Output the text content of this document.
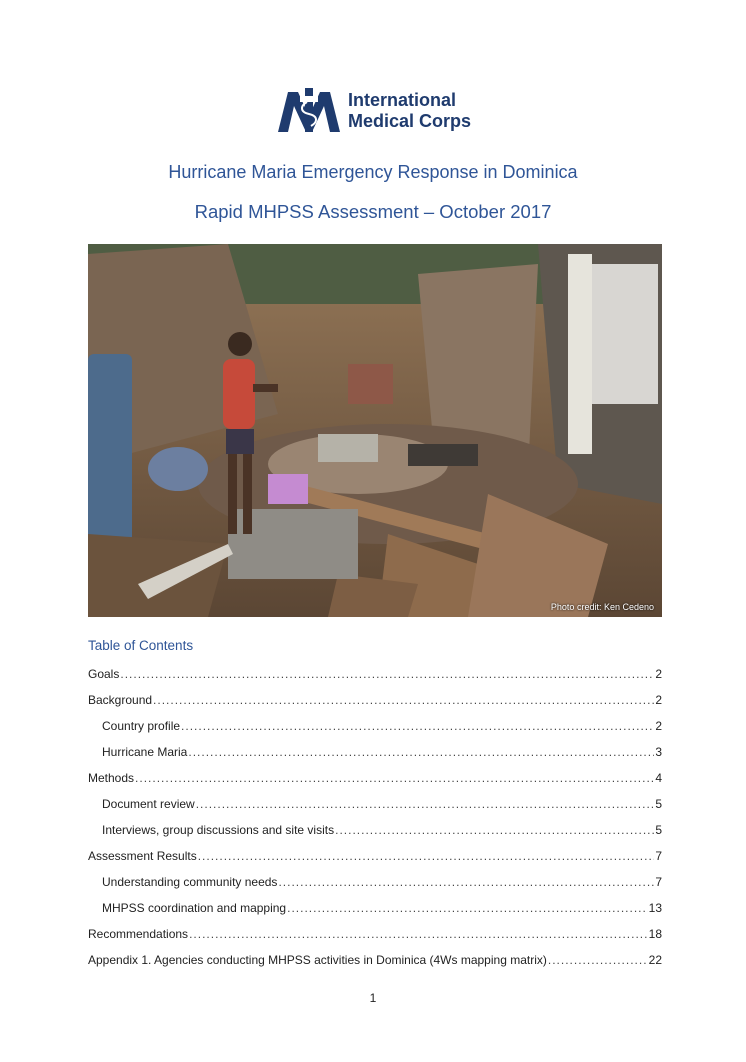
International
Medical Corps
Hurricane Maria Emergency Response in Dominica
Rapid MHPSS Assessment – October 2017
Photo credit: Ken Cedeno
Table of Contents
Goals .....	2
Background .....	2
Country profile .....	2
Hurricane Maria .....	3
Methods .....	4
Document review .....	5
Interviews, group discussions and site visits .....	5
Assessment Results .....	7
Understanding community needs .....	7
MHPSS coordination and mapping .....	13
Recommendations .....	18
Appendix 1. Agencies conducting MHPSS activities in Dominica (4Ws mapping matrix) .....	22
1
